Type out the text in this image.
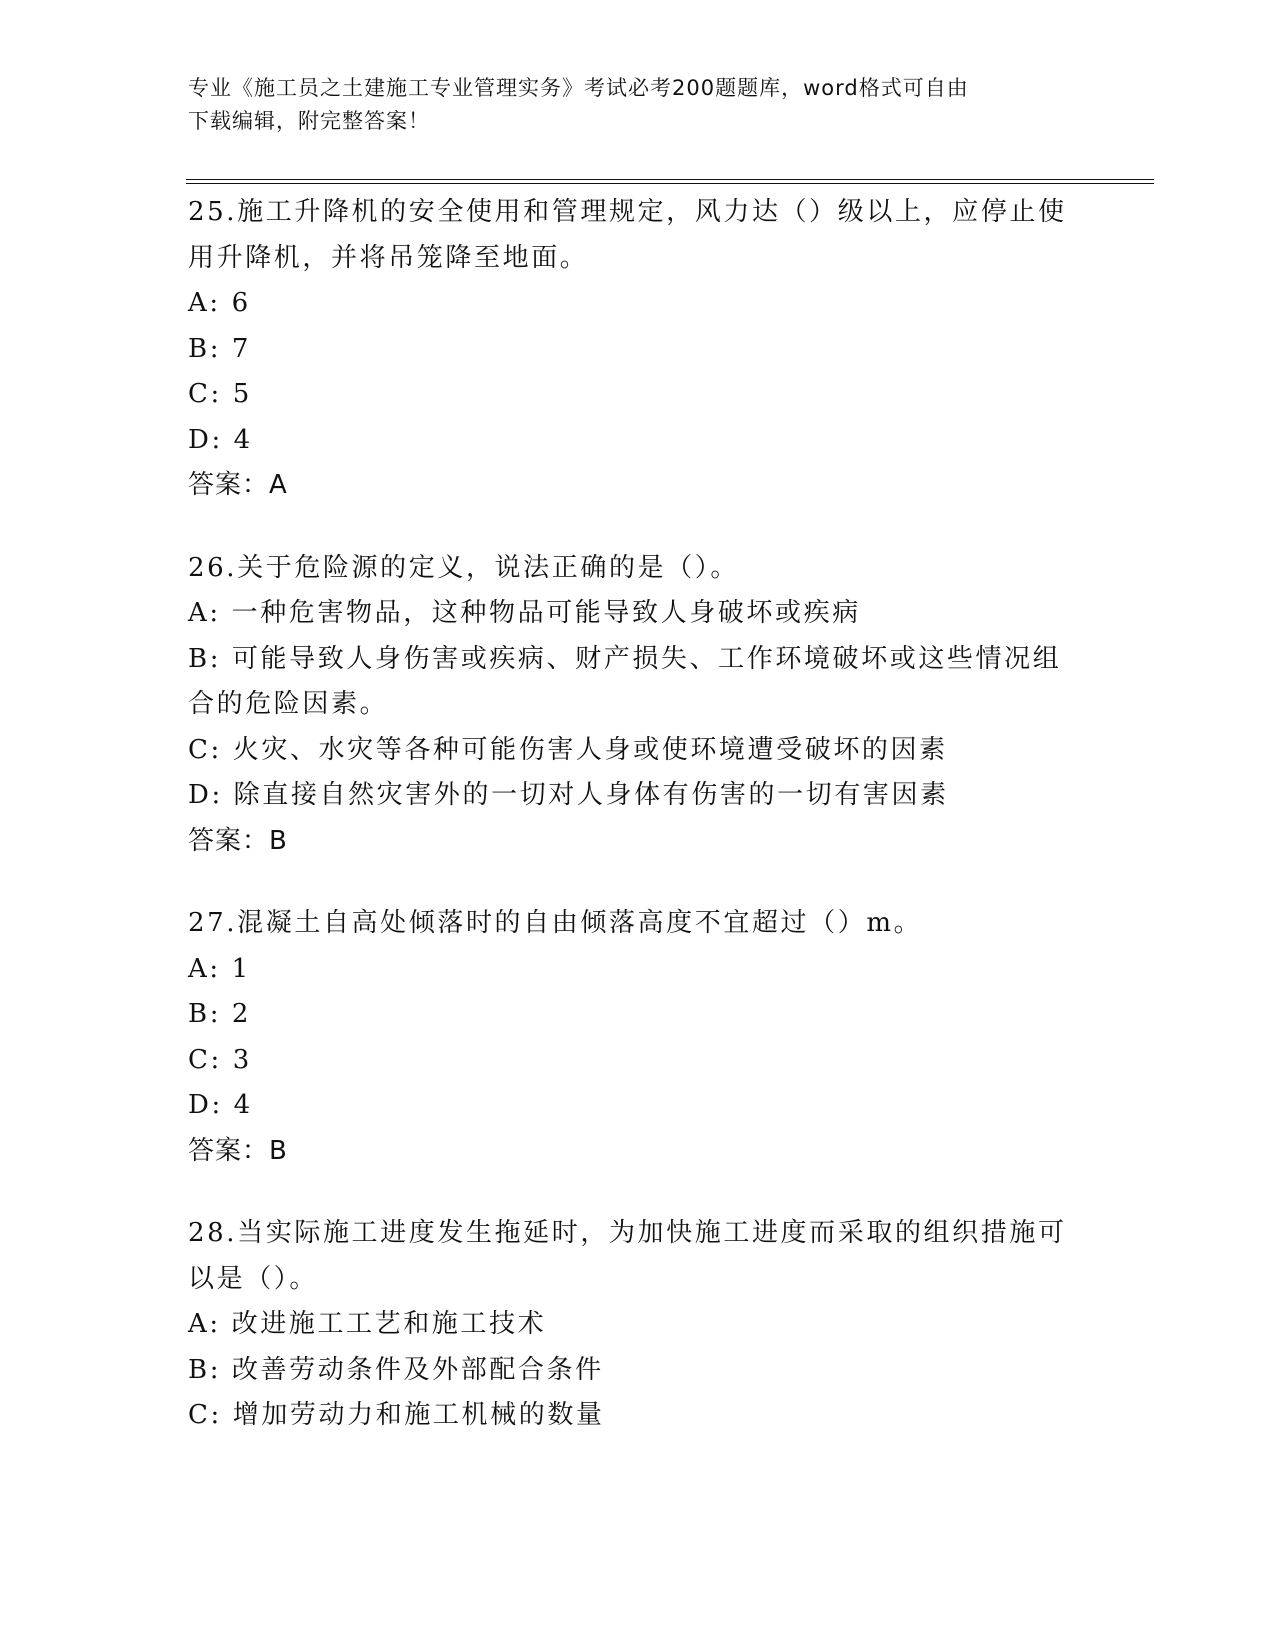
专业《施工员之土建施工专业管理实务》考试必考200题题库，word格式可自由
下载编辑，附完整答案！
25.施工升降机的安全使用和管理规定，风力达（）级以上，应停止使
用升降机，并将吊笼降至地面。
A: 6
B: 7
C: 5
D: 4
答案：A
26.关于危险源的定义，说法正确的是（）。
A: 一种危害物品，这种物品可能导致人身破坏或疾病
B: 可能导致人身伤害或疾病、财产损失、工作环境破坏或这些情况组
合的危险因素。
C: 火灾、水灾等各种可能伤害人身或使环境遭受破坏的因素
D: 除直接自然灾害外的一切对人身体有伤害的一切有害因素
答案：B
27.混凝土自高处倾落时的自由倾落高度不宜超过（）m。
A: 1
B: 2
C: 3
D: 4
答案：B
28.当实际施工进度发生拖延时，为加快施工进度而采取的组织措施可
以是（）。
A: 改进施工工艺和施工技术
B: 改善劳动条件及外部配合条件
C: 增加劳动力和施工机械的数量
